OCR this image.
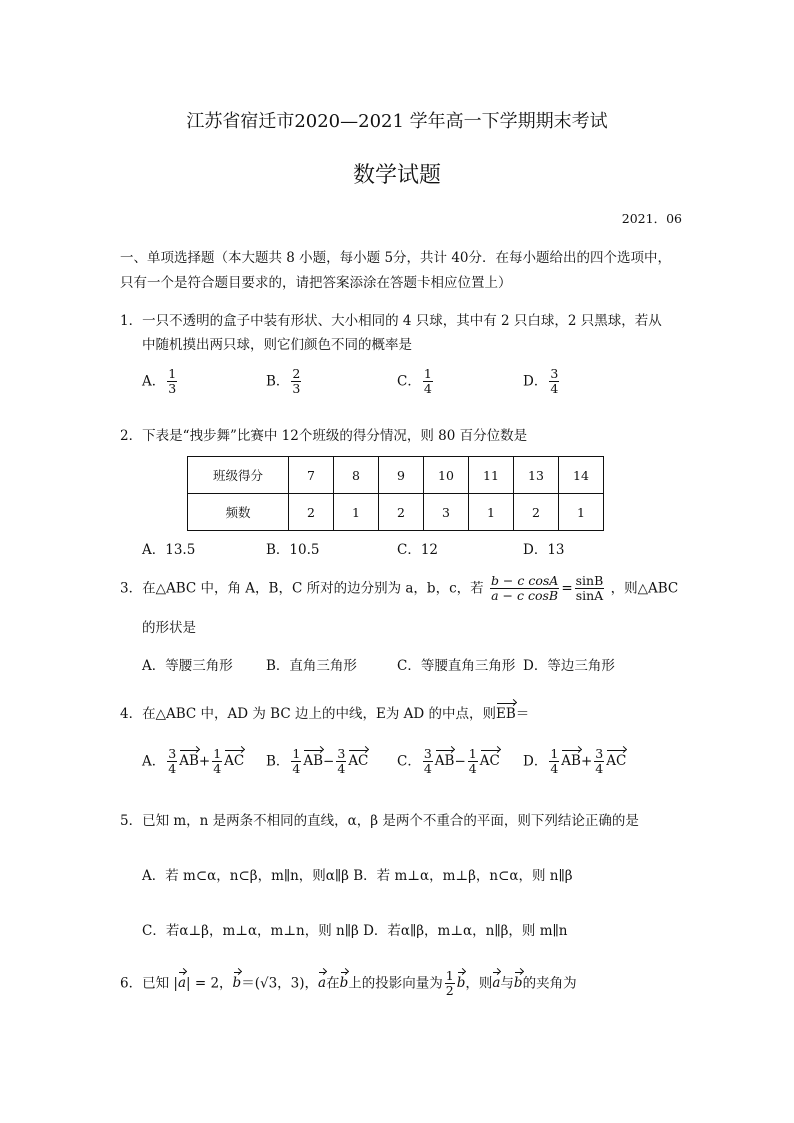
江苏省宿迁市2020—2021 学年高一下学期期末考试
数学试题
2021．06
一、单项选择题（本大题共 8 小题，每小题 5分，共计 40分．在每小题给出的四个选项中，
只有一个是符合题目要求的，请把答案添涂在答题卡相应位置上）
1．一只不透明的盒子中装有形状、大小相同的 4 只球，其中有 2 只白球，2 只黑球，若从
中随机摸出两只球，则它们颜色不同的概率是
A． $\frac{1}{3}$	B． $\frac{2}{3}$	C． $\frac{1}{4}$	D． $\frac{3}{4}$
2．下表是“拽步舞”比赛中 12个班级的得分情况，则 80 百分位数是
班级得分	7	8	9	10	11	13	14
频数	2	1	2	3	1	2	1
A．13.5	B．10.5	C．12	D．13
3．在△ABC 中，角 A，B，C 所对的边分别为 a，b，c，若 $\frac{\text{b − c cosA}}{\text{a − c cosB}} = \frac{\sin B}{\sin A}$ ，则△ABC
的形状是
A．等腰三角形 B．直角三角形	C．等腰直角三角形 D．等边三角形
4．在△ABC 中，AD 为 BC 边上的中线，E为 AD 的中点，则EB＝
A． $\frac{3}{4} AB+ \frac{1}{4}$ AC B． $\frac{1}{4} AB- \frac{3}{4}$ AC C． $\frac{3}{4} AB- \frac{1}{4}$ AC D． $\frac{1}{4} AB+ \frac{3}{4}$ AC
5．已知 m，n 是两条不相同的直线，α，β 是两个不重合的平面，则下列结论正确的是
A．若 m⊂α，n⊂β，m∥n，则α∥β B．若 m⊥α，m⊥β，n⊂α，则 n∥β
C．若α⊥β，m⊥α，m⊥n，则 n∥β D．若α∥β，m⊥α，n∥β，则 m∥n
6．已知 |a| = 2，b＝(√3，3)，a在b上的投影向量为 $\frac{1}{2}$ b，则a与b的夹角为
